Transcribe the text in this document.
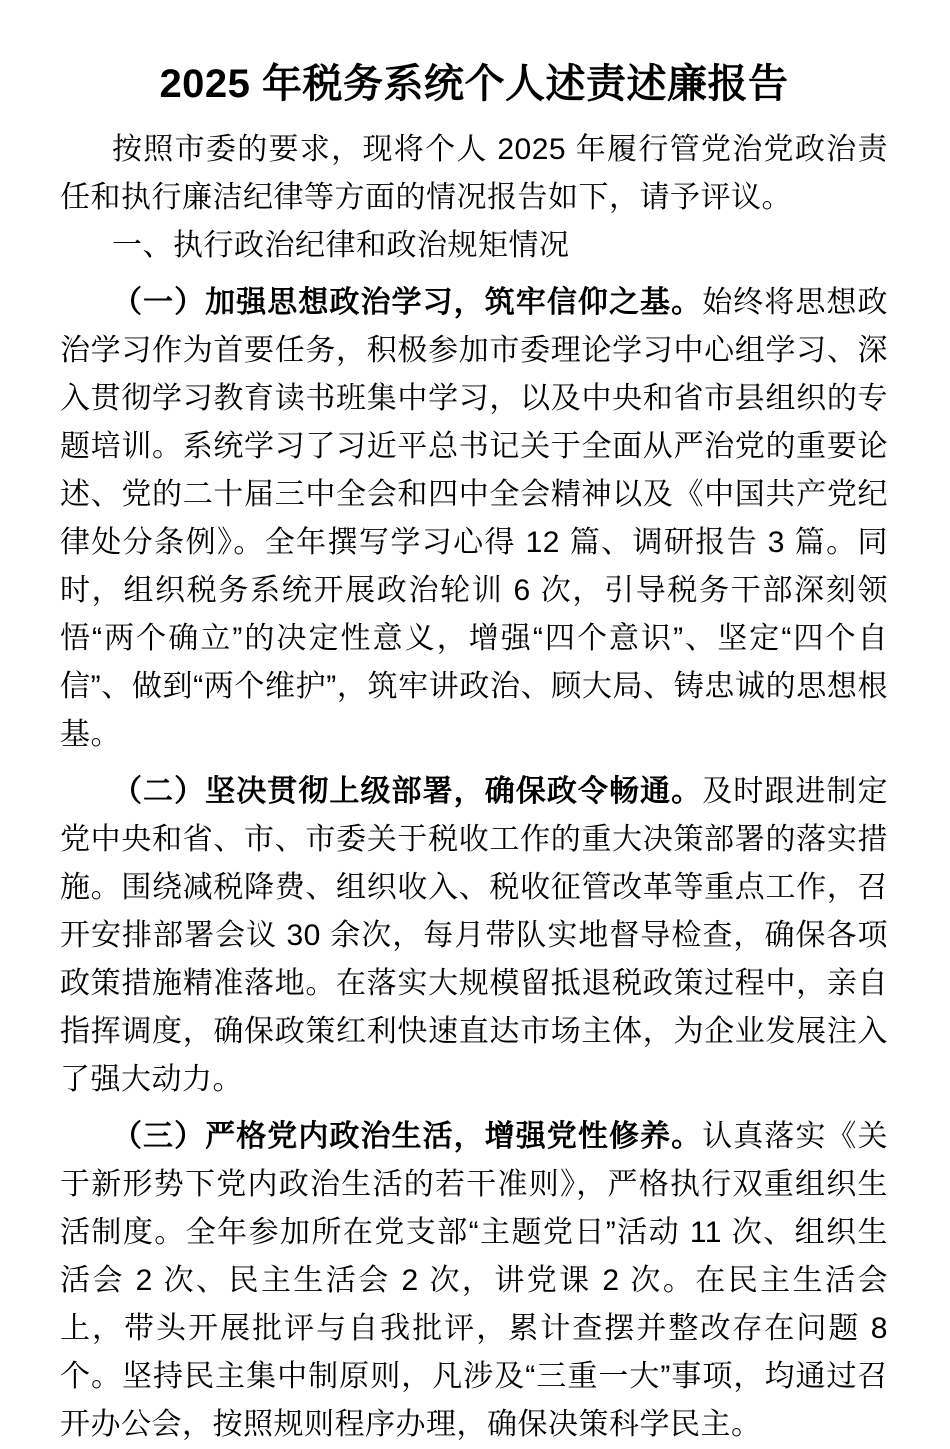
2025 年税务系统个人述责述廉报告

按照市委的要求，现将个人 2025 年履行管党治党政治责任和执行廉洁纪律等方面的情况报告如下，请予评议。

一、执行政治纪律和政治规矩情况

（一）加强思想政治学习，筑牢信仰之基。始终将思想政治学习作为首要任务，积极参加市委理论学习中心组学习、深入贯彻学习教育读书班集中学习，以及中央和省市县组织的专题培训。系统学习了习近平总书记关于全面从严治党的重要论述、党的二十届三中全会和四中全会精神以及《中国共产党纪律处分条例》。全年撰写学习心得 12 篇、调研报告 3 篇。同时，组织税务系统开展政治轮训 6 次，引导税务干部深刻领悟“两个确立”的决定性意义，增强“四个意识”、坚定“四个自信”、做到“两个维护”，筑牢讲政治、顾大局、铸忠诚的思想根基。

（二）坚决贯彻上级部署，确保政令畅通。及时跟进制定党中央和省、市、市委关于税收工作的重大决策部署的落实措施。围绕减税降费、组织收入、税收征管改革等重点工作，召开安排部署会议 30 余次，每月带队实地督导检查，确保各项政策措施精准落地。在落实大规模留抵退税政策过程中，亲自指挥调度，确保政策红利快速直达市场主体，为企业发展注入了强大动力。

（三）严格党内政治生活，增强党性修养。认真落实《关于新形势下党内政治生活的若干准则》，严格执行双重组织生活制度。全年参加所在党支部“主题党日”活动 11 次、组织生活会 2 次、民主生活会 2 次，讲党课 2 次。在民主生活会上，带头开展批评与自我批评，累计查摆并整改存在问题 8 个。坚持民主集中制原则，凡涉及“三重一大”事项，均通过召开办公会，按照规则程序办理，确保决策科学民主。
